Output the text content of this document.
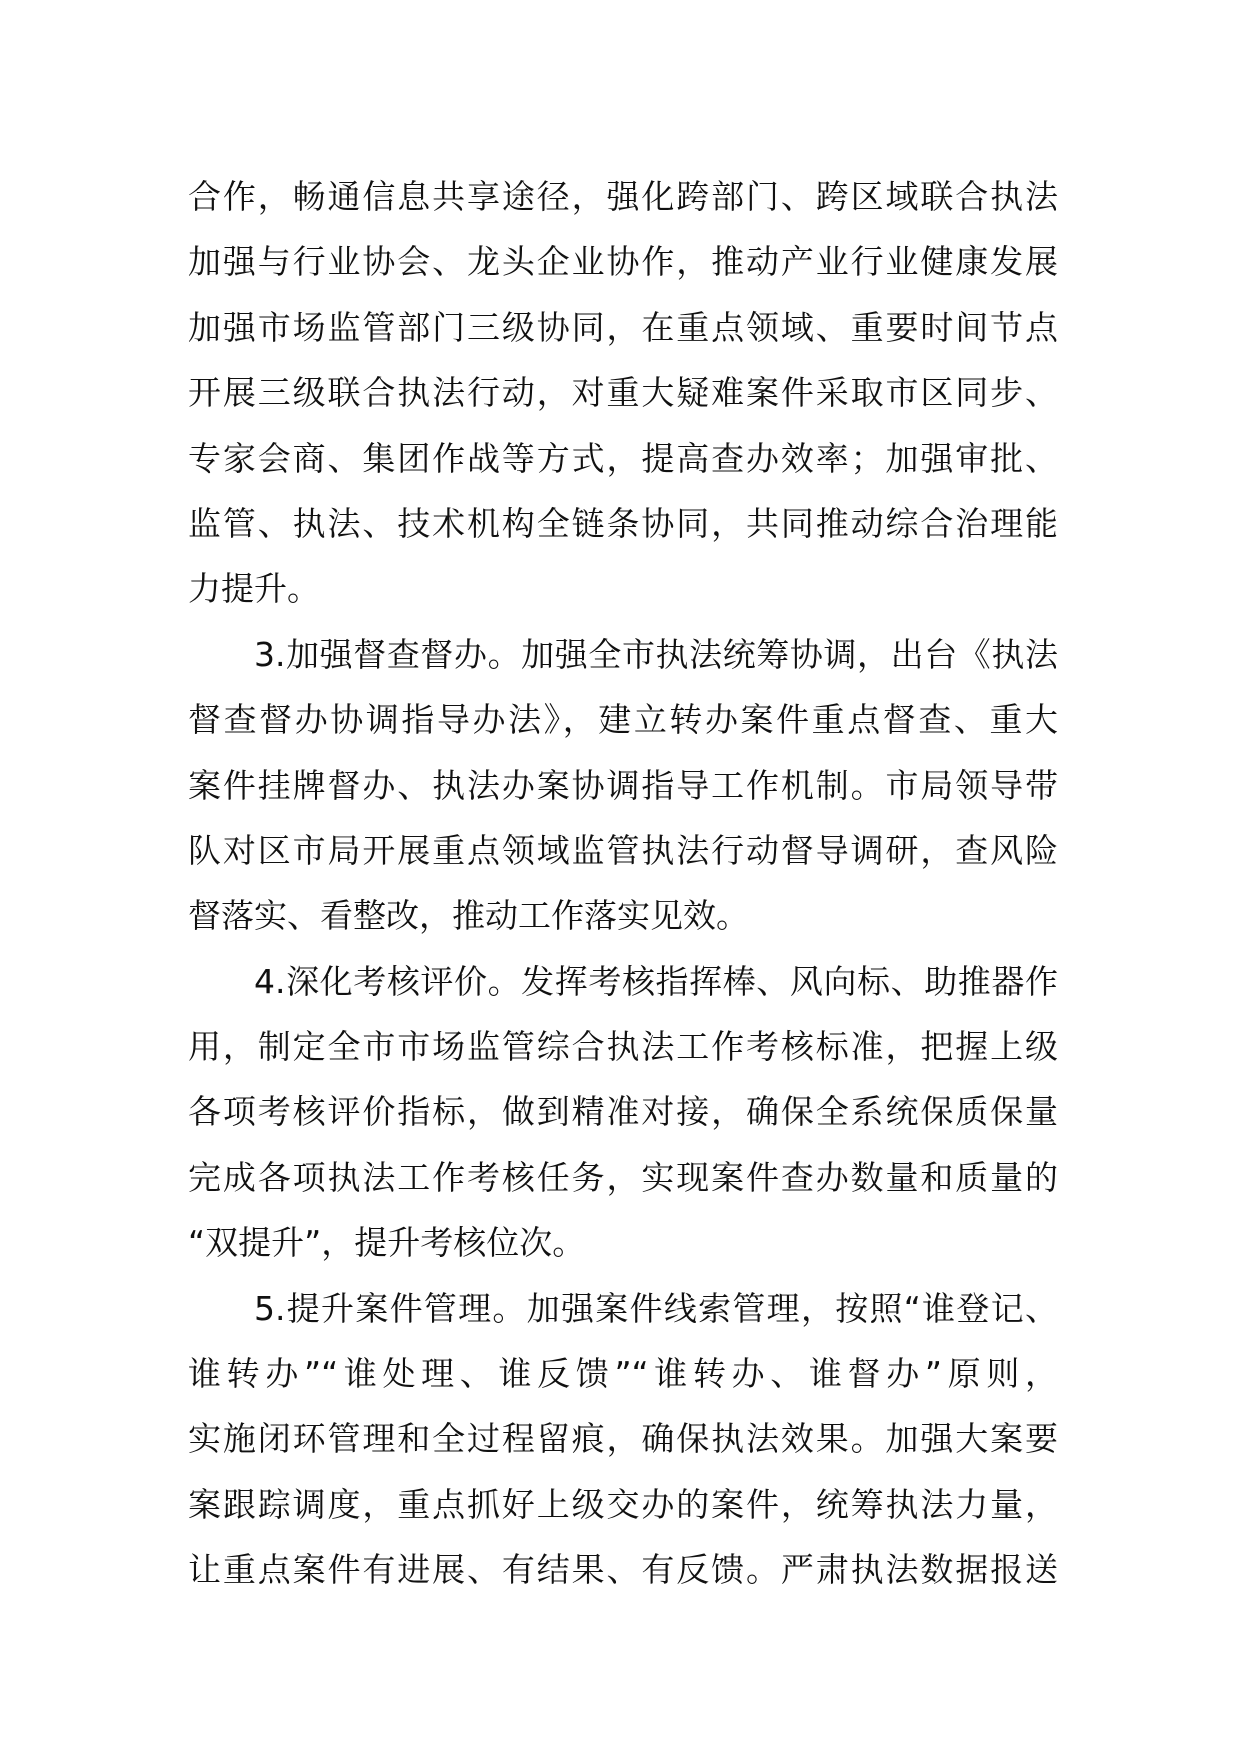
合作，畅通信息共享途径，强化跨部门、跨区域联合执法
加强与行业协会、龙头企业协作，推动产业行业健康发展
加强市场监管部门三级协同，在重点领域、重要时间节点
开展三级联合执法行动，对重大疑难案件采取市区同步、
专家会商、集团作战等方式，提高查办效率；加强审批、
监管、执法、技术机构全链条协同，共同推动综合治理能
力提升。
3.加强督查督办。加强全市执法统筹协调，出台《执法
督查督办协调指导办法》，建立转办案件重点督查、重大
案件挂牌督办、执法办案协调指导工作机制。市局领导带
队对区市局开展重点领域监管执法行动督导调研，查风险
督落实、看整改，推动工作落实见效。
4.深化考核评价。发挥考核指挥棒、风向标、助推器作
用，制定全市市场监管综合执法工作考核标准，把握上级
各项考核评价指标，做到精准对接，确保全系统保质保量
完成各项执法工作考核任务，实现案件查办数量和质量的
“双提升”，提升考核位次。
5.提升案件管理。加强案件线索管理，按照“谁登记、
谁转办”“谁处理、谁反馈”“谁转办、谁督办”原则，
实施闭环管理和全过程留痕，确保执法效果。加强大案要
案跟踪调度，重点抓好上级交办的案件，统筹执法力量，
让重点案件有进展、有结果、有反馈。严肃执法数据报送
